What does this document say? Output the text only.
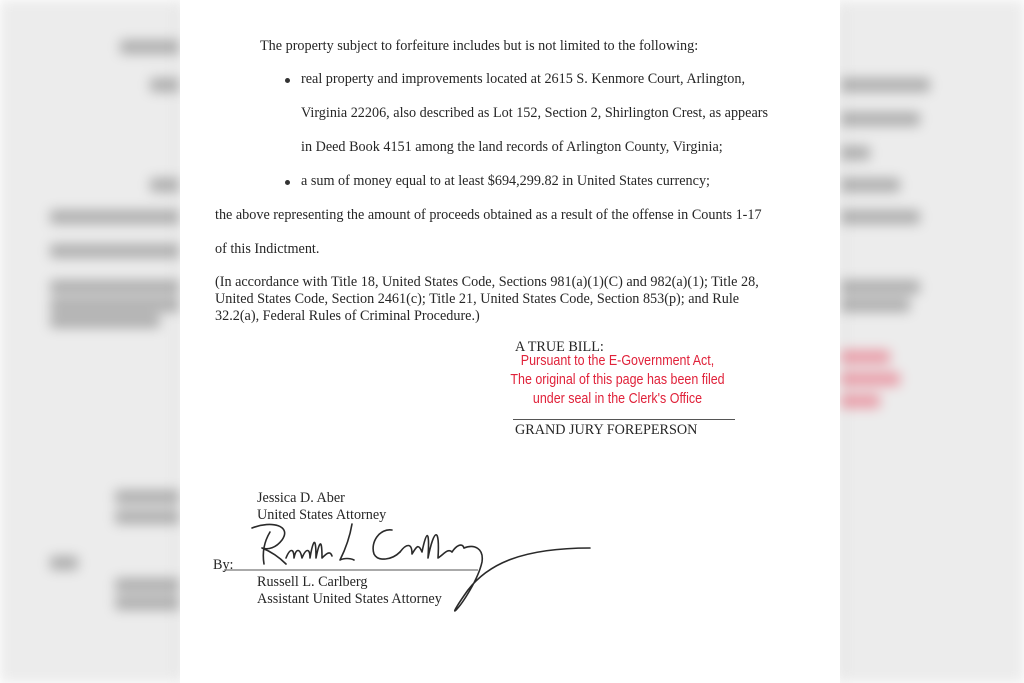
The property subject to forfeiture includes but is not limited to the following:
real property and improvements located at 2615 S. Kenmore Court, Arlington,
Virginia 22206, also described as Lot 152, Section 2, Shirlington Crest, as appears
in Deed Book 4151 among the land records of Arlington County, Virginia;
a sum of money equal to at least $694,299.82 in United States currency;
the above representing the amount of proceeds obtained as a result of the offense in Counts 1-17
of this Indictment.
(In accordance with Title 18, United States Code, Sections 981(a)(1)(C) and 982(a)(1); Title 28,
United States Code, Section 2461(c); Title 21, United States Code, Section 853(p); and Rule
32.2(a), Federal Rules of Criminal Procedure.)
A TRUE BILL:
Pursuant to the E-Government Act,
The original of this page has been filed
under seal in the Clerk's Office
GRAND JURY FOREPERSON
Jessica D. Aber
United States Attorney
By:
Russell L. Carlberg
Assistant United States Attorney
